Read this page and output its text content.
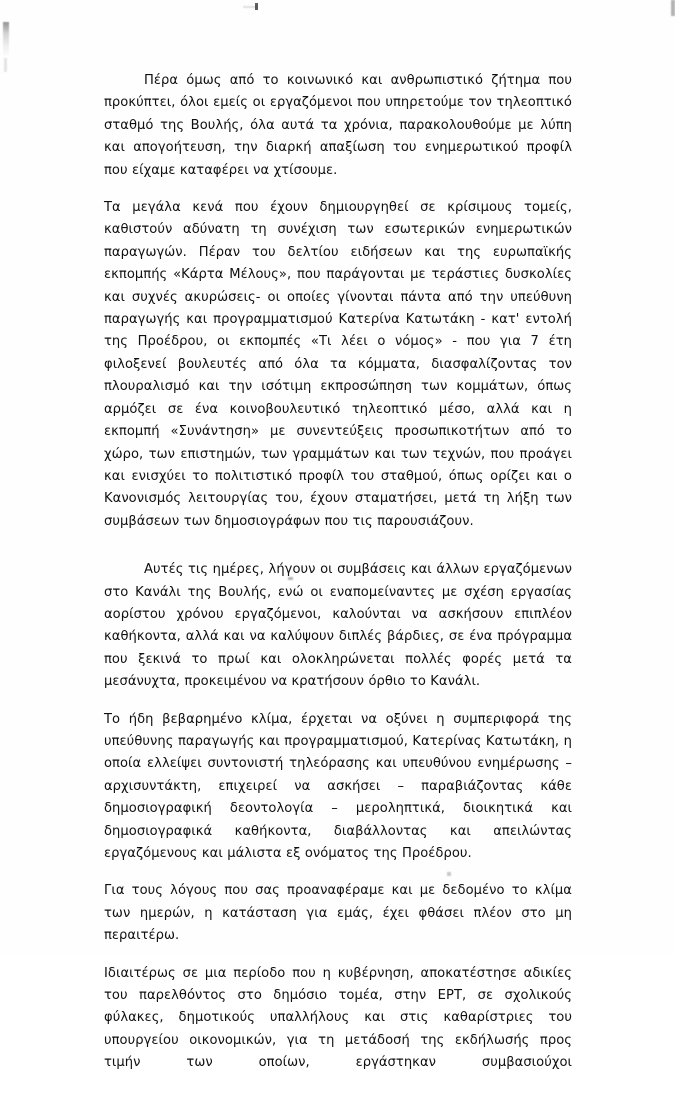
Πέρα όμως από το κοινωνικό και ανθρωπιστικό ζήτημα που προκύπτει, όλοι εμείς οι εργαζόμενοι που υπηρετούμε τον τηλεοπτικό σταθμό της Βουλής, όλα αυτά τα χρόνια, παρακολουθούμε με λύπη και απογοήτευση, την διαρκή απαξίωση του ενημερωτικού προφίλ που είχαμε καταφέρει να χτίσουμε.

Τα μεγάλα κενά που έχουν δημιουργηθεί σε κρίσιμους τομείς, καθιστούν αδύνατη τη συνέχιση των εσωτερικών ενημερωτικών παραγωγών. Πέραν του δελτίου ειδήσεων και της ευρωπαϊκής εκπομπής «Κάρτα Μέλους», που παράγονται με τεράστιες δυσκολίες και συχνές ακυρώσεις- οι οποίες γίνονται πάντα από την υπεύθυνη παραγωγής και προγραμματισμού Κατερίνα Κατωτάκη - κατ' εντολή της Προέδρου, οι εκπομπές «Τι λέει ο νόμος» - που για 7 έτη φιλοξενεί βουλευτές από όλα τα κόμματα, διασφαλίζοντας τον πλουραλισμό και την ισότιμη εκπροσώπηση των κομμάτων, όπως αρμόζει σε ένα κοινοβουλευτικό τηλεοπτικό μέσο, αλλά και η εκπομπή «Συνάντηση» με συνεντεύξεις προσωπικοτήτων από το χώρο, των επιστημών, των γραμμάτων και των τεχνών, που προάγει και ενισχύει το πολιτιστικό προφίλ του σταθμού, όπως ορίζει και ο Κανονισμός λειτουργίας του, έχουν σταματήσει, μετά τη λήξη των συμβάσεων των δημοσιογράφων που τις παρουσιάζουν.

Αυτές τις ημέρες, λήγουν οι συμβάσεις και άλλων εργαζόμενων στο Κανάλι της Βουλής, ενώ οι εναπομείναντες με σχέση εργασίας αορίστου χρόνου εργαζόμενοι, καλούνται να ασκήσουν επιπλέον καθήκοντα, αλλά και να καλύψουν διπλές βάρδιες, σε ένα πρόγραμμα που ξεκινά το πρωί και ολοκληρώνεται πολλές φορές μετά τα μεσάνυχτα, προκειμένου να κρατήσουν όρθιο το Κανάλι.

Το ήδη βεβαρημένο κλίμα, έρχεται να οξύνει η συμπεριφορά της υπεύθυνης παραγωγής και προγραμματισμού, Κατερίνας Κατωτάκη, η οποία ελλείψει συντονιστή τηλεόρασης και υπευθύνου ενημέρωσης – αρχισυντάκτη, επιχειρεί να ασκήσει – παραβιάζοντας κάθε δημοσιογραφική δεοντολογία – μεροληπτικά, διοικητικά και δημοσιογραφικά καθήκοντα, διαβάλλοντας και απειλώντας εργαζόμενους και μάλιστα εξ ονόματος της Προέδρου.

Για τους λόγους που σας προαναφέραμε και με δεδομένο το κλίμα των ημερών, η κατάσταση για εμάς, έχει φθάσει πλέον στο μη περαιτέρω.

Ιδιαιτέρως σε μια περίοδο που η κυβέρνηση, αποκατέστησε αδικίες του παρελθόντος στο δημόσιο τομέα, στην ΕΡΤ, σε σχολικούς φύλακες, δημοτικούς υπαλλήλους και στις καθαρίστριες του υπουργείου οικονομικών, για τη μετάδοσή της εκδήλωσής προς τιμήν των οποίων, εργάστηκαν συμβασιούχοι
